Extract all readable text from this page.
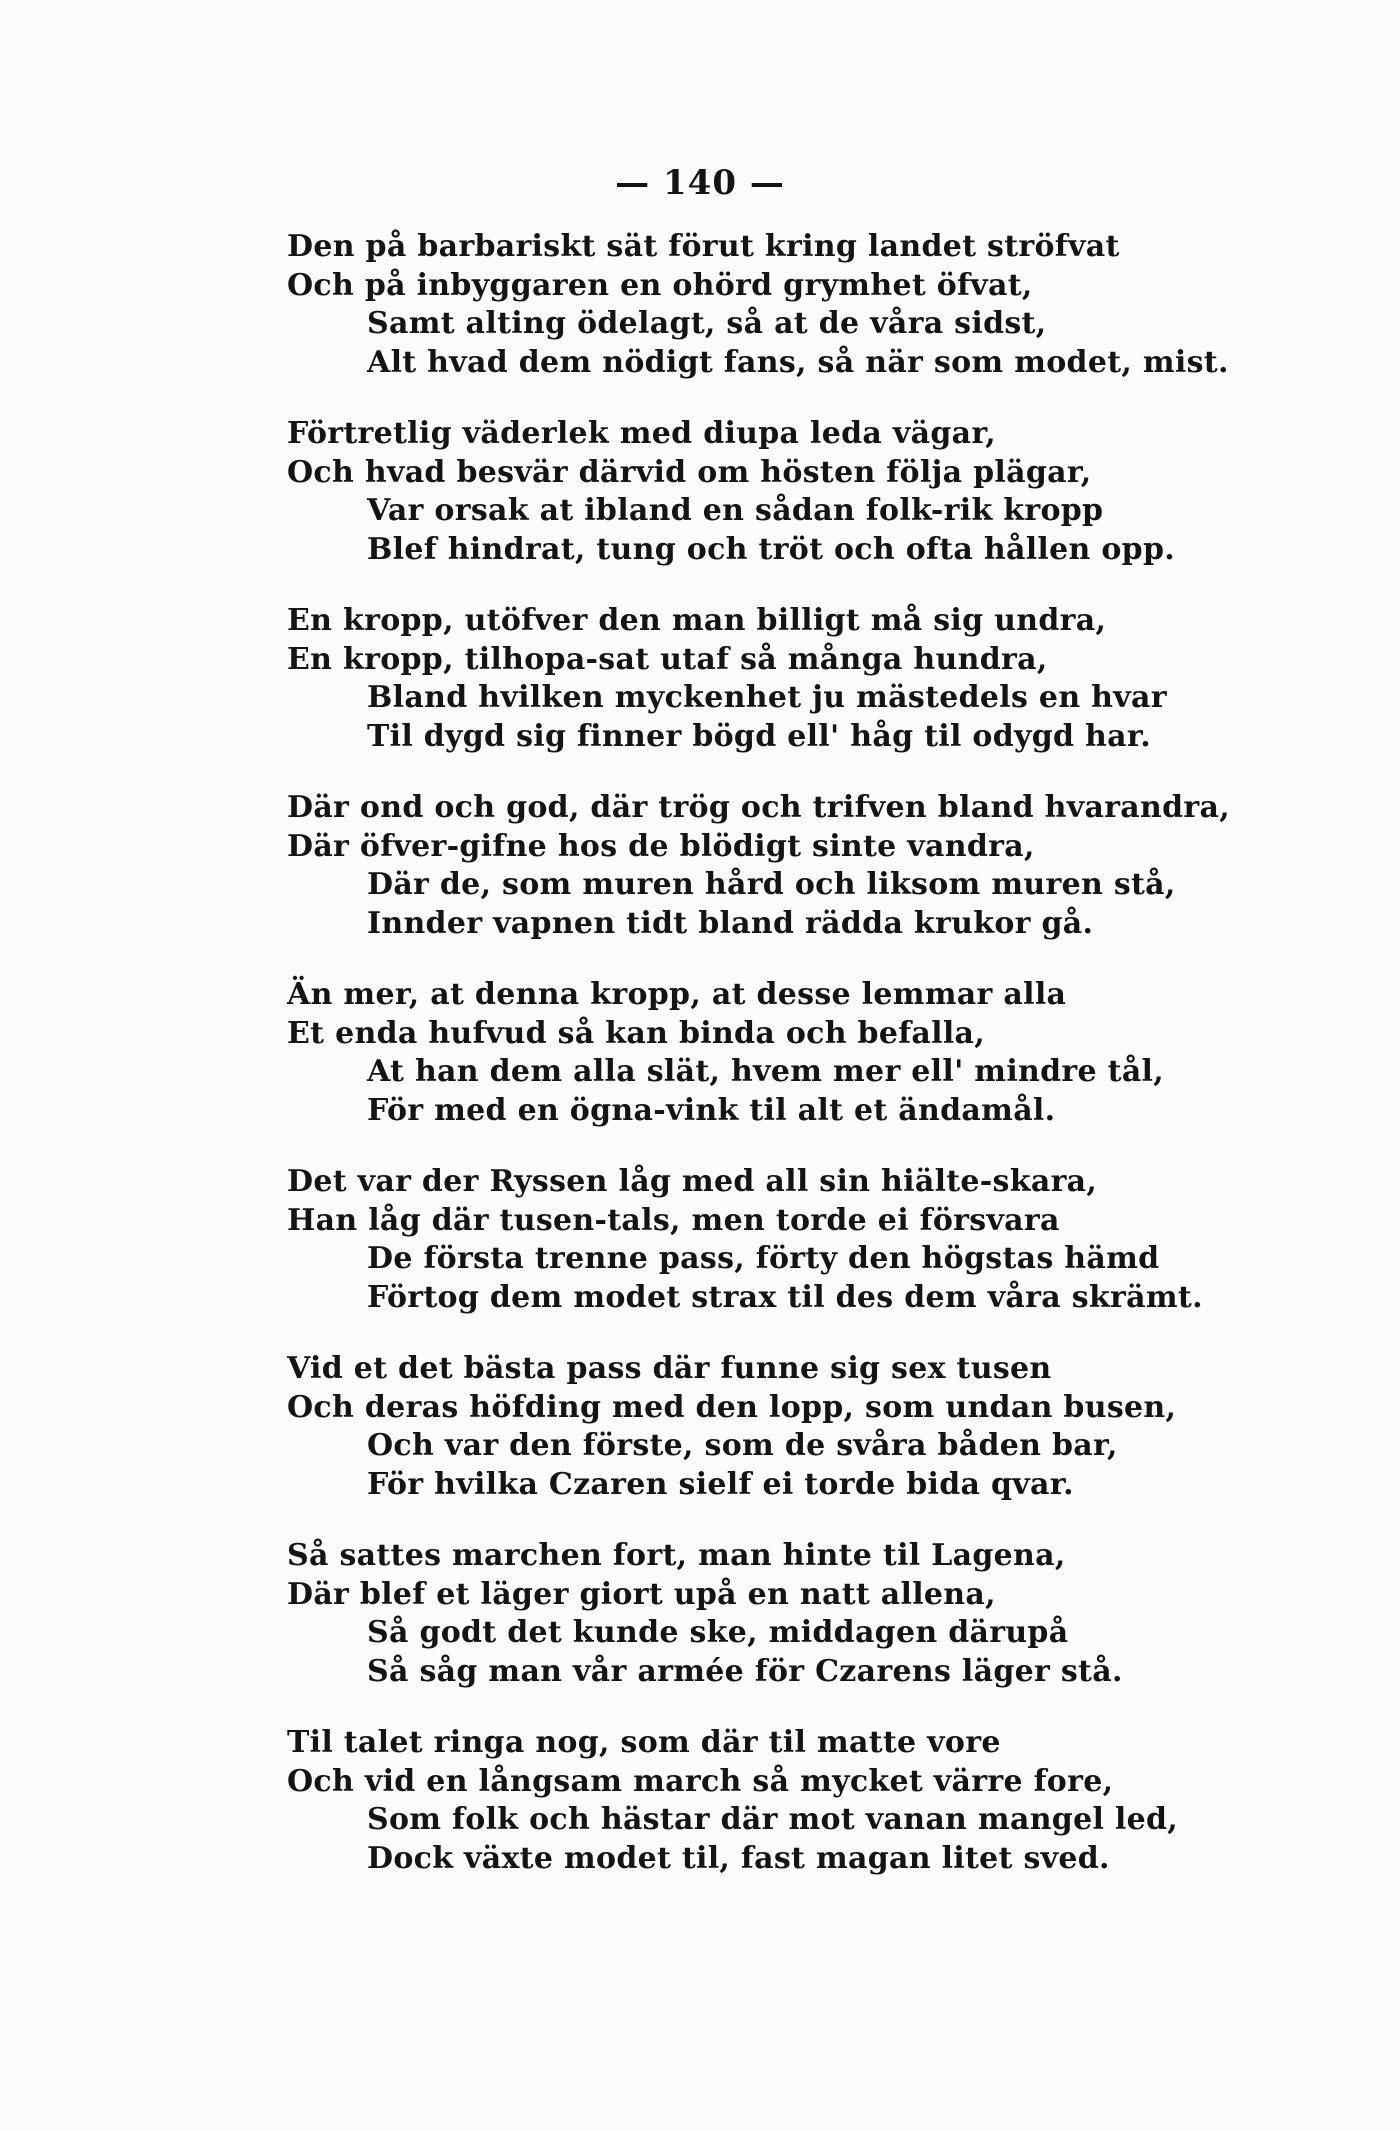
— 140 —
Den på barbariskt sät förut kring landet ströfvat
Och på inbyggaren en ohörd grymhet öfvat,
Samt alting ödelagt, så at de våra sidst,
Alt hvad dem nödigt fans, så när som modet, mist.
Förtretlig väderlek med diupa leda vägar,
Och hvad besvär därvid om hösten följa plägar,
Var orsak at ibland en sådan folk-rik kropp
Blef hindrat, tung och tröt och ofta hållen opp.
En kropp, utöfver den man billigt må sig undra,
En kropp, tilhopa-sat utaf så många hundra,
Bland hvilken myckenhet ju mästedels en hvar
Til dygd sig finner bögd ell' håg til odygd har.
Där ond och god, där trög och trifven bland hvarandra,
Där öfver-gifne hos de blödigt sinte vandra,
Där de, som muren hård och liksom muren stå,
Innder vapnen tidt bland rädda krukor gå.
Än mer, at denna kropp, at desse lemmar alla
Et enda hufvud så kan binda och befalla,
At han dem alla slät, hvem mer ell' mindre tål,
För med en ögna-vink til alt et ändamål.
Det var der Ryssen låg med all sin hiälte-skara,
Han låg där tusen-tals, men torde ei försvara
De första trenne pass, förty den högstas hämd
Förtog dem modet strax til des dem våra skrämt.
Vid et det bästa pass där funne sig sex tusen
Och deras höfding med den lopp, som undan busen,
Och var den förste, som de svåra båden bar,
För hvilka Czaren sielf ei torde bida qvar.
Så sattes marchen fort, man hinte til Lagena,
Där blef et läger giort upå en natt allena,
Så godt det kunde ske, middagen därupå
Så såg man vår armée för Czarens läger stå.
Til talet ringa nog, som där til matte vore
Och vid en långsam march så mycket värre fore,
Som folk och hästar där mot vanan mangel led,
Dock växte modet til, fast magan litet sved.
